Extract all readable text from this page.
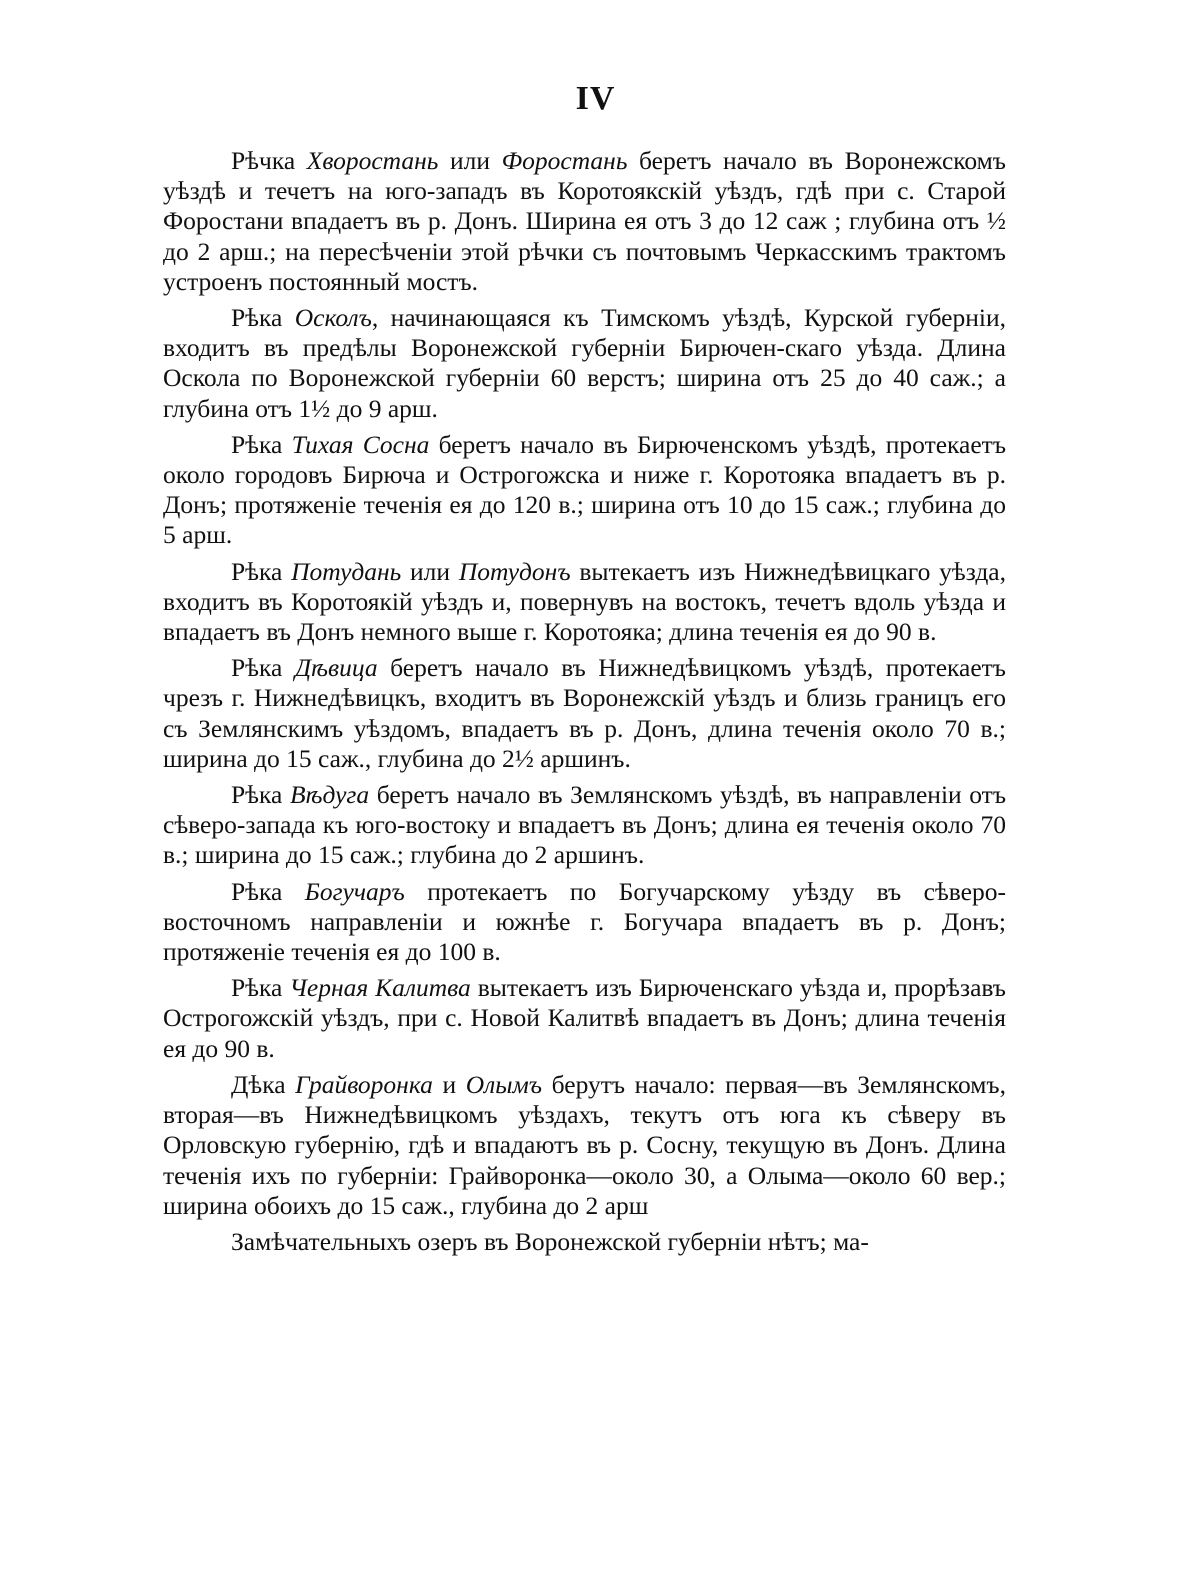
IV

Рѣчка Хворостань или Форостань беретъ начало въ Воронежскомъ уѣздѣ и течетъ на юго-западъ въ Коротоякскій уѣздъ, гдѣ при с. Старой Форостани впадаетъ въ р. Донъ. Ширина ея отъ 3 до 12 саж ; глубина отъ ½ до 2 арш.; на пересѣченіи этой рѣчки съ почтовымъ Черкасскимъ трактомъ устроенъ постоянный мостъ.

Рѣка Осколъ, начинающаяся къ Тимскомъ уѣздѣ, Курской губерніи, входитъ въ предѣлы Воронежской губерніи Бирючен-скаго уѣзда. Длина Оскола по Воронежской губерніи 60 верстъ; ширина отъ 25 до 40 саж.; а глубина отъ 1½ до 9 арш.

Рѣка Тихая Сосна беретъ начало въ Бирюченскомъ уѣздѣ, протекаетъ около городовъ Бирюча и Острогожска и ниже г. Коротояка впадаетъ въ р. Донъ; протяженіе теченія ея до 120 в.; ширина отъ 10 до 15 саж.; глубина до 5 арш.

Рѣка Потудань или Потудонъ вытекаетъ изъ Нижнедѣвицкаго уѣзда, входитъ въ Коротоякій уѣздъ и, повернувъ на востокъ, течетъ вдоль уѣзда и впадаетъ въ Донъ немного выше г. Коротояка; длина теченія ея до 90 в.

Рѣка Дѣвица беретъ начало въ Нижнедѣвицкомъ уѣздѣ, протекаетъ чрезъ г. Нижнедѣвицкъ, входитъ въ Воронежскій уѣздъ и близь границъ его съ Землянскимъ уѣздомъ, впадаетъ въ р. Донъ, длина теченія около 70 в.; ширина до 15 саж., глубина до 2½ аршинъ.

Рѣка Вѣдуга беретъ начало въ Землянскомъ уѣздѣ, въ направленіи отъ сѣверо-запада къ юго-востоку и впадаетъ въ Донъ; длина ея теченія около 70 в.; ширина до 15 саж.; глубина до 2 аршинъ.

Рѣка Богучаръ протекаетъ по Богучарскому уѣзду въ сѣверо-восточномъ направленіи и южнѣе г. Богучара впадаетъ въ р. Донъ; протяженіе теченія ея до 100 в.

Рѣка Черная Калитва вытекаетъ изъ Бирюченскаго уѣзда и, прорѣзавъ Острогожскій уѣздъ, при с. Новой Калитвѣ впадаетъ въ Донъ; длина теченія ея до 90 в.

Дѣка Грайворонка и Олымъ берутъ начало: первая—въ Землянскомъ, вторая—въ Нижнедѣвицкомъ уѣздахъ, текутъ отъ юга къ сѣверу въ Орловскую губернію, гдѣ и впадаютъ въ р. Сосну, текущую въ Донъ. Длина теченія ихъ по губерніи: Грайворонка—около 30, а Олыма—около 60 вер.; ширина обоихъ до 15 саж., глубина до 2 арш

Замѣчательныхъ озеръ въ Воронежской губерніи нѣтъ; ма-
